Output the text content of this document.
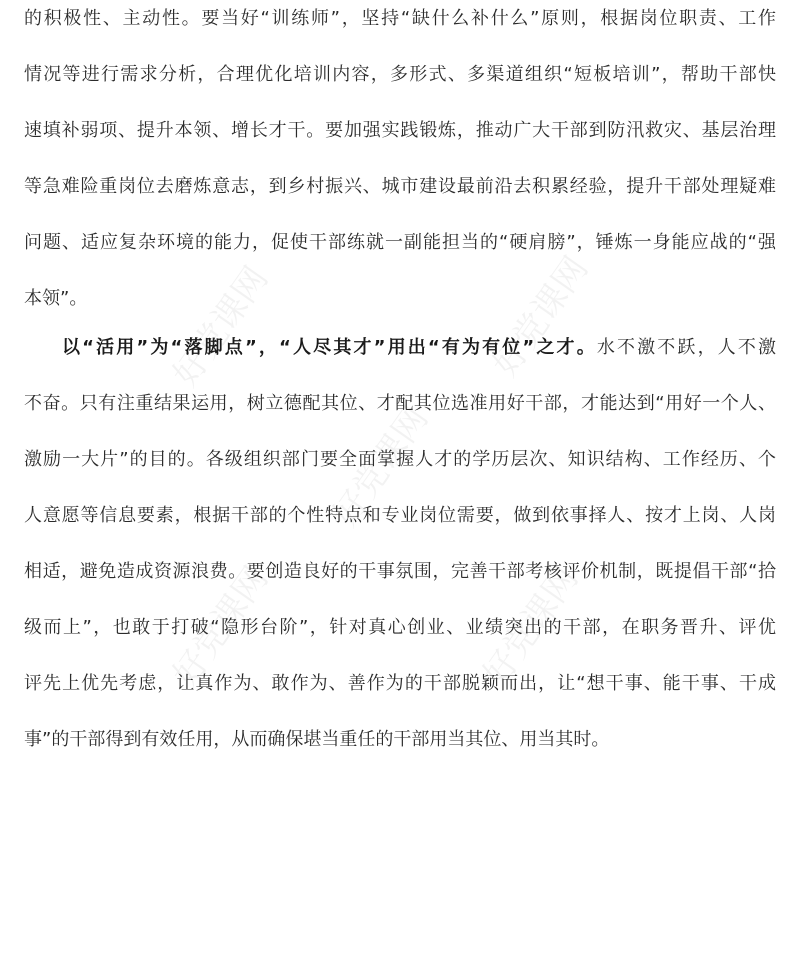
好党课网	好党课网
好党课网
好党课网	好党课网
的积极性、主动性。要当好“训练师”，坚持“缺什么补什么”原则，根据岗位职责、工作
情况等进行需求分析，合理优化培训内容，多形式、多渠道组织“短板培训”，帮助干部快
速填补弱项、提升本领、增长才干。要加强实践锻炼，推动广大干部到防汛救灾、基层治理
等急难险重岗位去磨炼意志，到乡村振兴、城市建设最前沿去积累经验，提升干部处理疑难
问题、适应复杂环境的能力，促使干部练就一副能担当的“硬肩膀”，锤炼一身能应战的“强
本领”。
以“活用”为“落脚点”，“人尽其才”用出“有为有位”之才。水不激不跃，人不激
不奋。只有注重结果运用，树立德配其位、才配其位选准用好干部，才能达到“用好一个人、
激励一大片”的目的。各级组织部门要全面掌握人才的学历层次、知识结构、工作经历、个
人意愿等信息要素，根据干部的个性特点和专业岗位需要，做到依事择人、按才上岗、人岗
相适，避免造成资源浪费。要创造良好的干事氛围，完善干部考核评价机制，既提倡干部“拾
级而上”，也敢于打破“隐形台阶”，针对真心创业、业绩突出的干部，在职务晋升、评优
评先上优先考虑，让真作为、敢作为、善作为的干部脱颖而出，让“想干事、能干事、干成
事”的干部得到有效任用，从而确保堪当重任的干部用当其位、用当其时。
